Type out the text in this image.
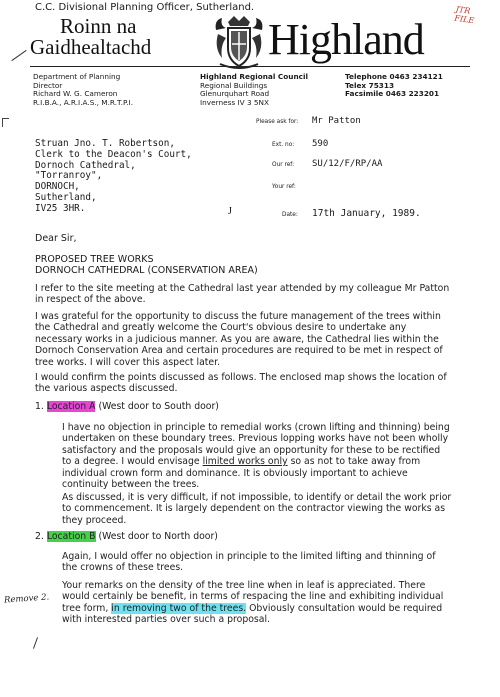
C.C. Divisional Planning Officer, Sutherland.	JTR
FILE
Roinn na
Gaidhealtachd	Highland
Department of Planning
Director
Richard W. G. Cameron
R.I.B.A., A.R.I.A.S., M.R.T.P.I.
Highland Regional Council
Regional Buildings
Glenurquhart Road
Inverness IV 3 5NX
Telephone 0463 234121
Telex 75313
Facsimile 0463 223201
Please ask for: Mr Patton
Ext. no: 590
Our ref: SU/12/F/RP/AA
Your ref:
Date: 17th January, 1989.
Struan Jno. T. Robertson,
Clerk to the Deacon's Court,
Dornoch Cathedral,
"Torranroy",
DORNOCH,
Sutherland,
IV25 3HR.	J
Dear Sir,
PROPOSED TREE WORKS
DORNOCH CATHEDRAL (CONSERVATION AREA)
I refer to the site meeting at the Cathedral last year attended by my colleague Mr Patton in respect of the above.
I was grateful for the opportunity to discuss the future management of the trees within the Cathedral and greatly welcome the Court's obvious desire to undertake any necessary works in a judicious manner. As you are aware, the Cathedral lies within the Dornoch Conservation Area and certain procedures are required to be met in respect of tree works. I will cover this aspect later.
I would confirm the points discussed as follows. The enclosed map shows the location of the various aspects discussed.
1. Location A (West door to South door)
I have no objection in principle to remedial works (crown lifting and thinning) being undertaken on these boundary trees. Previous lopping works have not been wholly satisfactory and the proposals would give an opportunity for these to be rectified to a degree. I would envisage limited works only so as not to take away from individual crown form and dominance. It is obviously important to achieve continuity between the trees.
As discussed, it is very difficult, if not impossible, to identify or detail the work prior to commencement. It is largely dependent on the contractor viewing the works as they proceed.
2. Location B (West door to North door)
Again, I would offer no objection in principle to the limited lifting and thinning of the crowns of these trees.
Your remarks on the density of the tree line when in leaf is appreciated. There would certainly be benefit, in terms of respacing the line and exhibiting individual tree form, in removing two of the trees. Obviously consultation would be required with interested parties over such a proposal.
Remove 2.
